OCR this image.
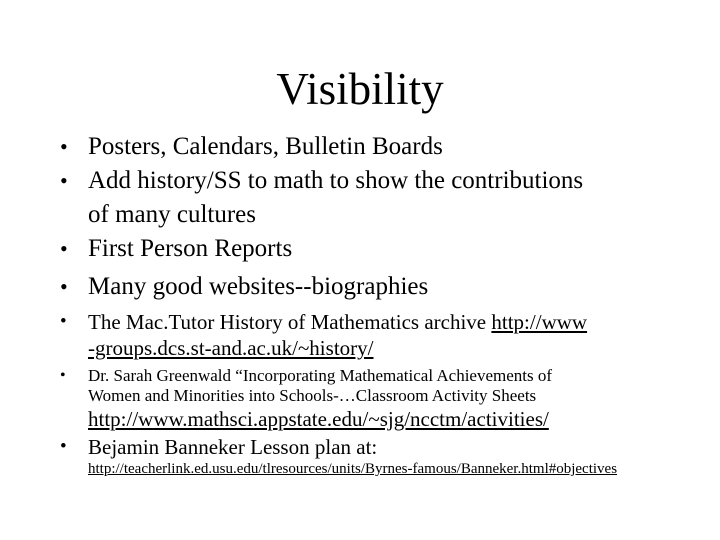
Visibility
• Posters, Calendars, Bulletin Boards
• Add history/SS to math to show the contributions
of many cultures
• First Person Reports
• Many good websites--biographies
• The Mac.Tutor History of Mathematics archive http://www
-groups.dcs.st-and.ac.uk/~history/
• Dr. Sarah Greenwald “Incorporating Mathematical Achievements of
Women and Minorities into Schools-…Classroom Activity Sheets
http://www.mathsci.appstate.edu/~sjg/ncctm/activities/
• Bejamin Banneker Lesson plan at:
http://teacherlink.ed.usu.edu/tlresources/units/Byrnes-famous/Banneker.html#objectives
